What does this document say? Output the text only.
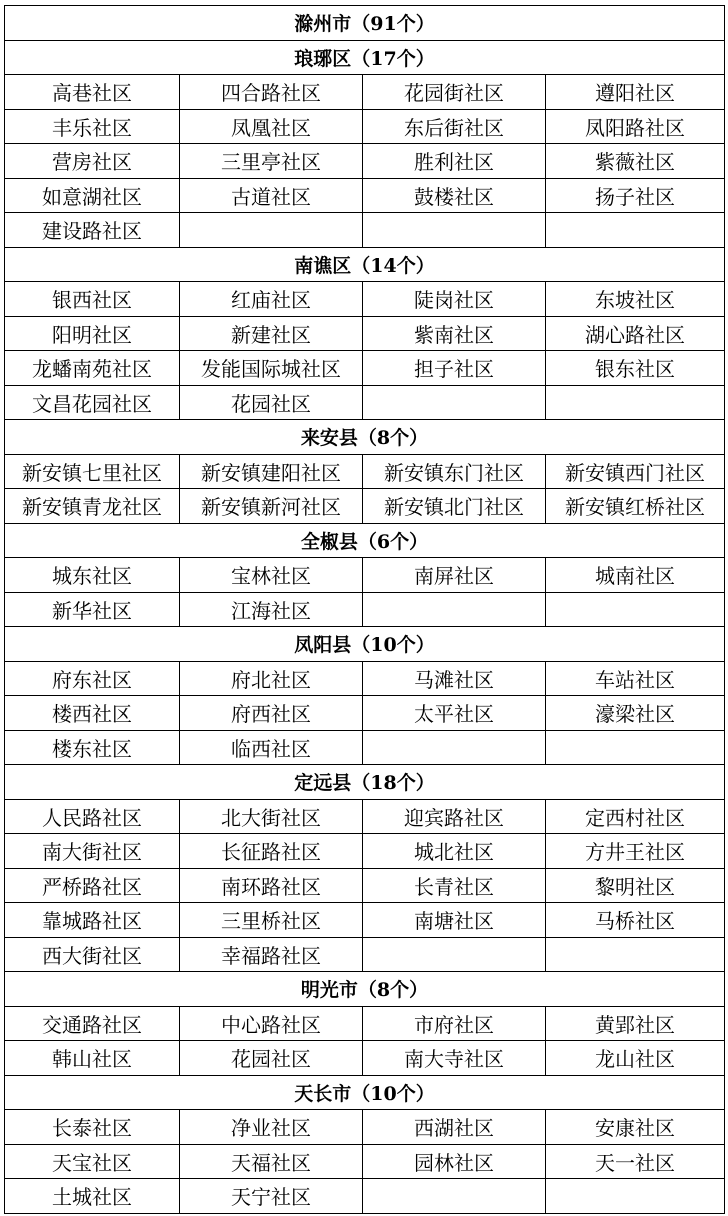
滁州市（91个）			
琅琊区（17个）			
高巷社区	四合路社区	花园街社区	遵阳社区
丰乐社区	凤凰社区	东后街社区	凤阳路社区
营房社区	三里亭社区	胜利社区	紫薇社区
如意湖社区	古道社区	鼓楼社区	扬子社区
建设路社区			
南谯区（14个）			
银西社区	红庙社区	陡岗社区	东坡社区
阳明社区	新建社区	紫南社区	湖心路社区
龙蟠南苑社区	发能国际城社区	担子社区	银东社区
文昌花园社区	花园社区		
来安县（8个）			
新安镇七里社区	新安镇建阳社区	新安镇东门社区	新安镇西门社区
新安镇青龙社区	新安镇新河社区	新安镇北门社区	新安镇红桥社区
全椒县（6个）			
城东社区	宝林社区	南屏社区	城南社区
新华社区	江海社区		
凤阳县（10个）			
府东社区	府北社区	马滩社区	车站社区
楼西社区	府西社区	太平社区	濠梁社区
楼东社区	临西社区		
定远县（18个）			
人民路社区	北大街社区	迎宾路社区	定西村社区
南大街社区	长征路社区	城北社区	方井王社区
严桥路社区	南环路社区	长青社区	黎明社区
靠城路社区	三里桥社区	南塘社区	马桥社区
西大街社区	幸福路社区		
明光市（8个）			
交通路社区	中心路社区	市府社区	黄郢社区
韩山社区	花园社区	南大寺社区	龙山社区
天长市（10个）			
长泰社区	净业社区	西湖社区	安康社区
天宝社区	天福社区	园林社区	天一社区
土城社区	天宁社区		
